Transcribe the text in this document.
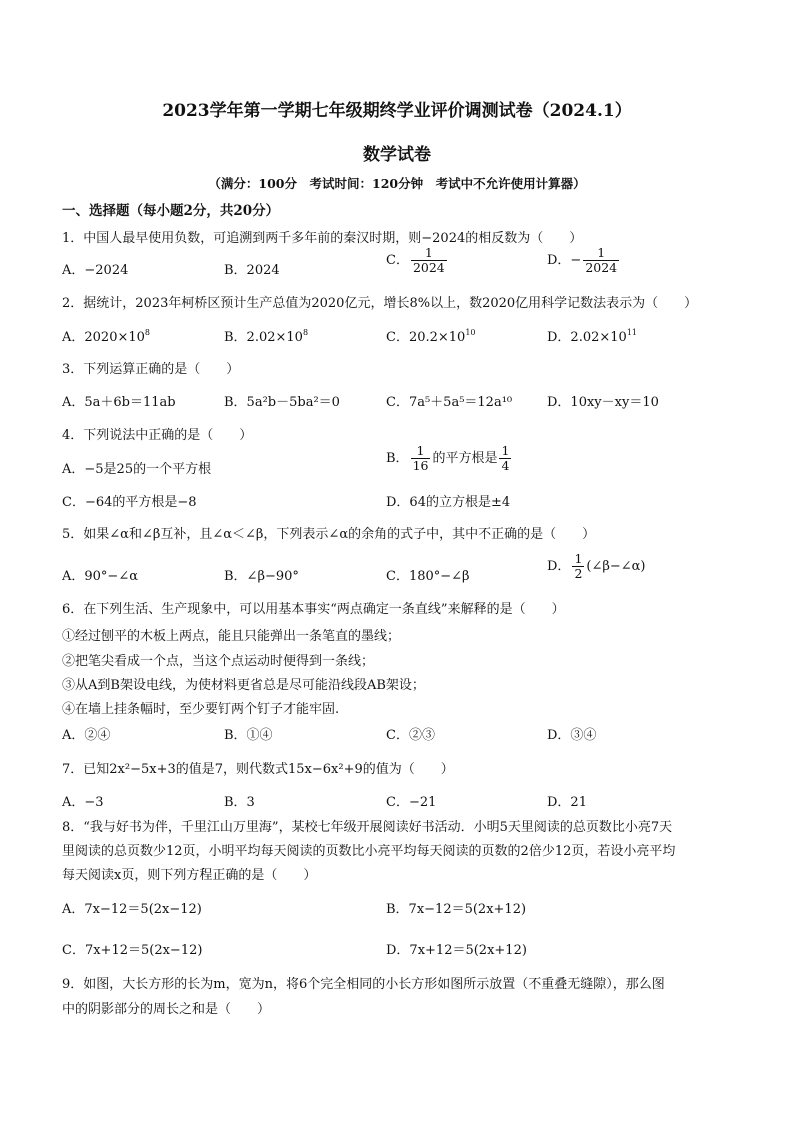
2023学年第一学期七年级期终学业评价调测试卷（2024.1）
数学试卷
（满分：100分　考试时间：120分钟　考试中不允许使用计算器）
一、选择题（每小题2分，共20分）
1．中国人最早使用负数，可追溯到两千多年前的秦汉时期，则−2024的相反数为（　　）
A．−2024	B．2024
C． $\frac{1}{2024}$	D．− $\frac{1}{2024}$
2．据统计，2023年柯桥区预计生产总值为2020亿元，增长8%以上，数2020亿用科学记数法表示为（　　）
A．$2020\times 10^8$	B．$2.02\times 10^8$	C．$20.2\times 10^{10}$	D．$2.02\times 10^{11}$
3．下列运算正确的是（　　）
A．5a＋6b＝11ab	B．5a²b－5ba²＝0	C．7a⁵＋5a⁵＝12a¹⁰	D．10xy－xy＝10
4．下列说法中正确的是（　　）
A．−5是25的一个平方根
B． $\frac{1}{16}$ 的平方根是 $\frac{1}{4}$
C．−64的平方根是−8	D．64的立方根是±4
5．如果∠α和∠β互补，且∠α＜∠β，下列表示∠α的余角的式子中，其中不正确的是（　　）
A．90°−∠α	B．∠β−90°	C．180°−∠β
D． $\frac{1}{2}$ (∠β−∠α)
6．在下列生活、生产现象中，可以用基本事实“两点确定一条直线”来解释的是（　　）
①经过刨平的木板上两点，能且只能弹出一条笔直的墨线；
②把笔尖看成一个点，当这个点运动时便得到一条线；
③从A到B架设电线，为使材料更省总是尽可能沿线段AB架设；
④在墙上挂条幅时，至少要钉两个钉子才能牢固.
A．②④	B．①④	C．②③	D．③④
7．已知2x²−5x+3的值是7，则代数式15x−6x²+9的值为（　　）
A．−3	B．3	C．−21	D．21
8．“我与好书为伴，千里江山万里海”，某校七年级开展阅读好书活动．小明5天里阅读的总页数比小亮7天
里阅读的总页数少12页，小明平均每天阅读的页数比小亮平均每天阅读的页数的2倍少12页，若设小亮平均
每天阅读x页，则下列方程正确的是（　　）
A．7x−12＝5(2x−12)	B．7x−12＝5(2x+12)
C．7x+12＝5(2x−12)	D．7x+12＝5(2x+12)
9．如图，大长方形的长为m，宽为n，将6个完全相同的小长方形如图所示放置（不重叠无缝隙），那么图
中的阴影部分的周长之和是（　　）
